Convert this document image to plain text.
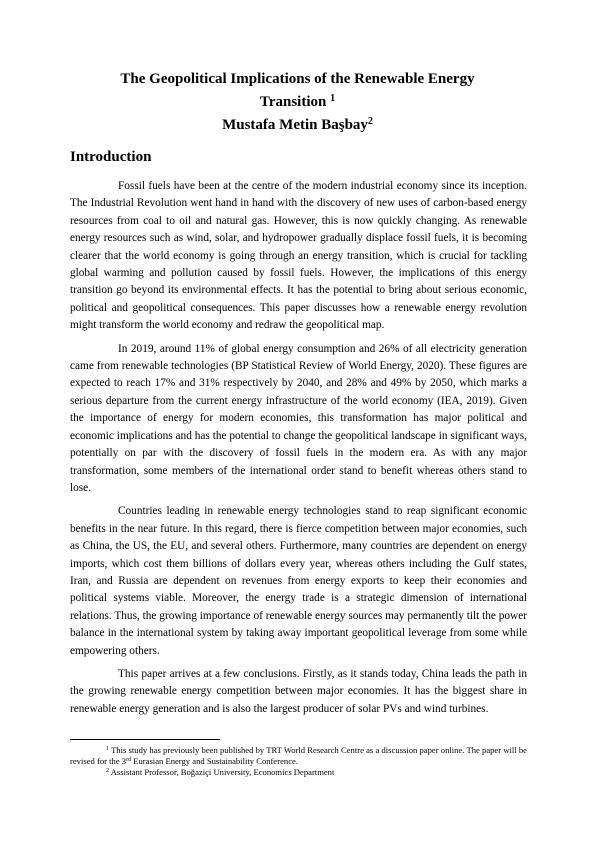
The Geopolitical Implications of the Renewable Energy
Transition $^1$
Mustafa Metin Başbay$^2$
Introduction

Fossil fuels have been at the centre of the modern industrial economy since its inception. The Industrial Revolution went hand in hand with the discovery of new uses of carbon-based energy resources from coal to oil and natural gas. However, this is now quickly changing. As renewable energy resources such as wind, solar, and hydropower gradually displace fossil fuels, it is becoming clearer that the world economy is going through an energy transition, which is crucial for tackling global warming and pollution caused by fossil fuels. However, the implications of this energy transition go beyond its environmental effects. It has the potential to bring about serious economic, political and geopolitical consequences. This paper discusses how a renewable energy revolution might transform the world economy and redraw the geopolitical map.

In 2019, around 11% of global energy consumption and 26% of all electricity generation came from renewable technologies (BP Statistical Review of World Energy, 2020). These figures are expected to reach 17% and 31% respectively by 2040, and 28% and 49% by 2050, which marks a serious departure from the current energy infrastructure of the world economy (IEA, 2019). Given the importance of energy for modern economies, this transformation has major political and economic implications and has the potential to change the geopolitical landscape in significant ways, potentially on par with the discovery of fossil fuels in the modern era. As with any major transformation, some members of the international order stand to benefit whereas others stand to lose.

Countries leading in renewable energy technologies stand to reap significant economic benefits in the near future. In this regard, there is fierce competition between major economies, such as China, the US, the EU, and several others. Furthermore, many countries are dependent on energy imports, which cost them billions of dollars every year, whereas others including the Gulf states, Iran, and Russia are dependent on revenues from energy exports to keep their economies and political systems viable. Moreover, the energy trade is a strategic dimension of international relations. Thus, the growing importance of renewable energy sources may permanently tilt the power balance in the international system by taking away important geopolitical leverage from some while empowering others.

This paper arrives at a few conclusions. Firstly, as it stands today, China leads the path in the growing renewable energy competition between major economies. It has the biggest share in renewable energy generation and is also the largest producer of solar PVs and wind turbines.

$^1$ This study has previously been published by TRT World Research Centre as a discussion paper online. The paper will be revised for the 3rd Eurasian Energy and Sustainability Conference.

$^2$ Assistant Professor, Boğaziçi University, Economics Department
